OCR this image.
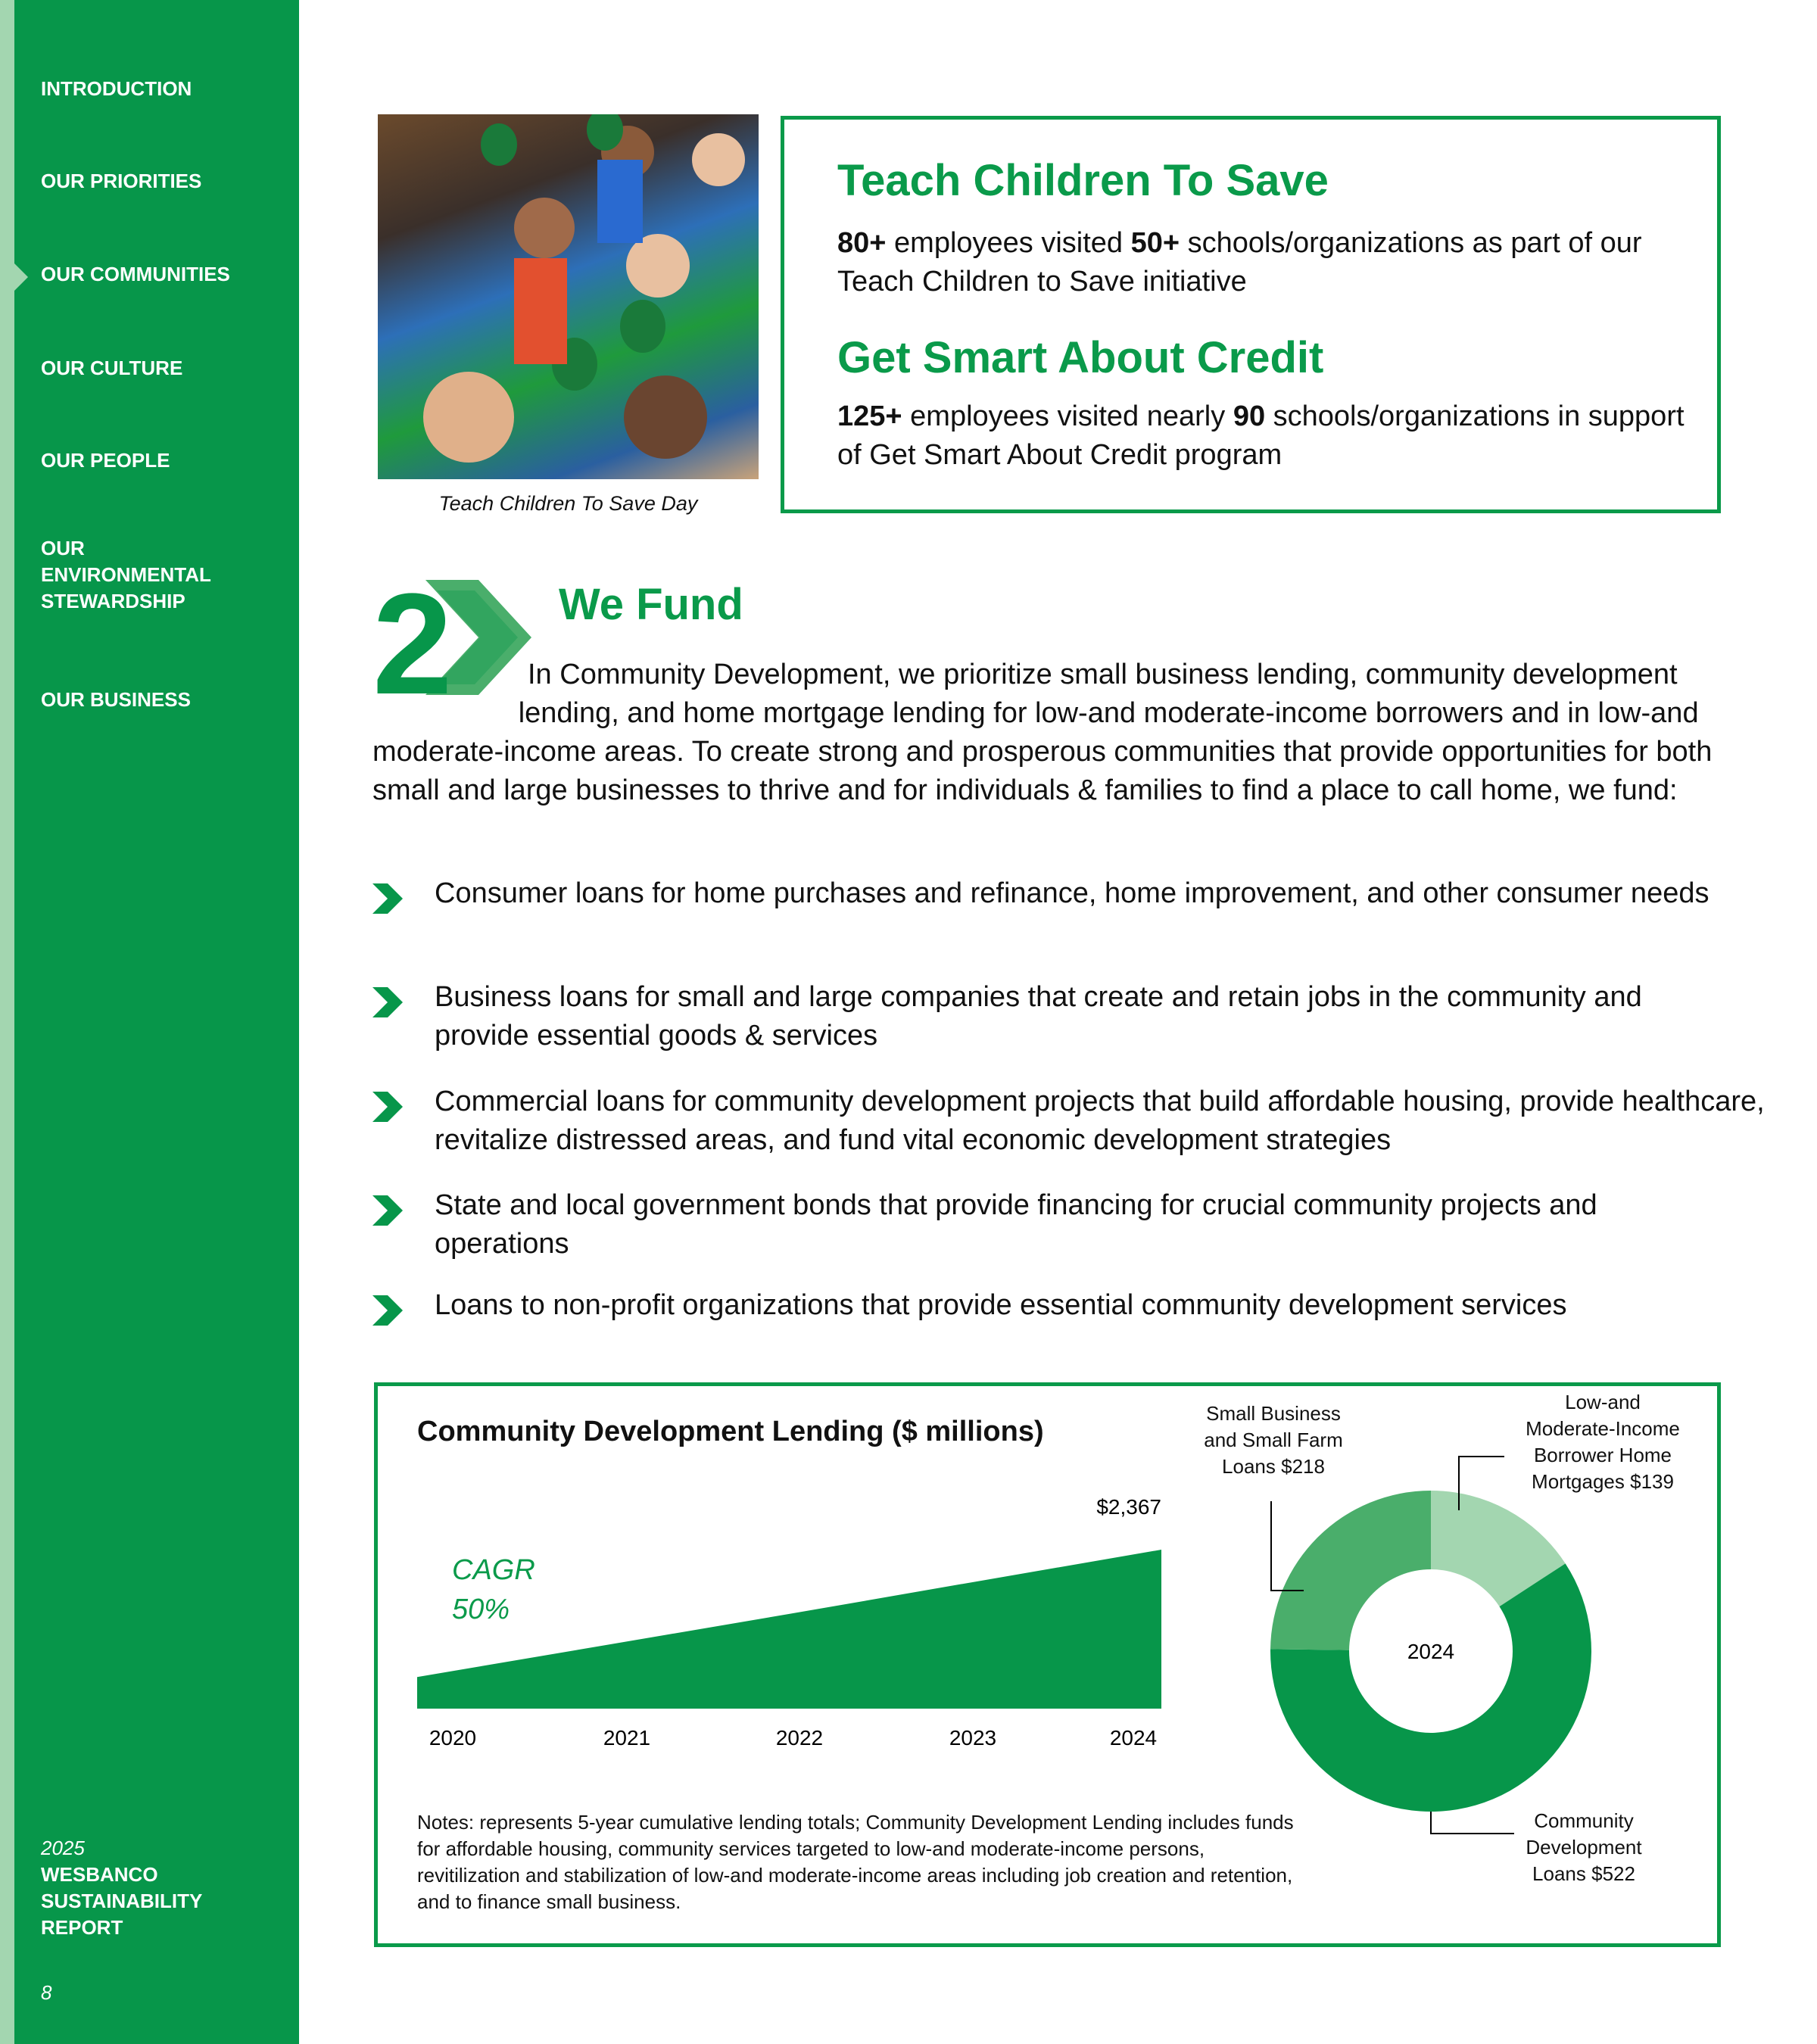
INTRODUCTION
OUR PRIORITIES
OUR COMMUNITIES
OUR CULTURE
OUR PEOPLE
OUR ENVIRONMENTAL STEWARDSHIP
OUR BUSINESS
2025
WESBANCO
SUSTAINABILITY
REPORT
8
Teach Children To Save Day
Teach Children To Save
80+ employees visited 50+ schools/organizations as part of our Teach Children to Save initiative
Get Smart About Credit
125+ employees visited nearly 90 schools/organizations in support of Get Smart About Credit program
2 We Fund
In Community Development, we prioritize small business lending, community development lending, and home mortgage lending for low-and moderate-income borrowers and in low-and moderate-income areas. To create strong and prosperous communities that provide opportunities for both small and large businesses to thrive and for individuals & families to find a place to call home, we fund:
Consumer loans for home purchases and refinance, home improvement, and other consumer needs
Business loans for small and large companies that create and retain jobs in the community and provide essential goods & services
Commercial loans for community development projects that build affordable housing, provide healthcare, revitalize distressed areas, and fund vital economic development strategies
State and local government bonds that provide financing for crucial community projects and operations
Loans to non-profit organizations that provide essential community development services
Community Development Lending ($ millions)
2020	2021	2022	2023	2024
$2,367
2024
CAGR
50%
Notes: represents 5-year cumulative lending totals; Community Development Lending includes funds for affordable housing, community services targeted to low-and moderate-income persons, revitilization and stabilization of low-and moderate-income areas including job creation and retention, and to finance small business.
Small Business
and Small Farm
Loans $218
Low-and
Moderate-Income
Borrower Home
Mortgages $139
Community
Development
Loans $522
